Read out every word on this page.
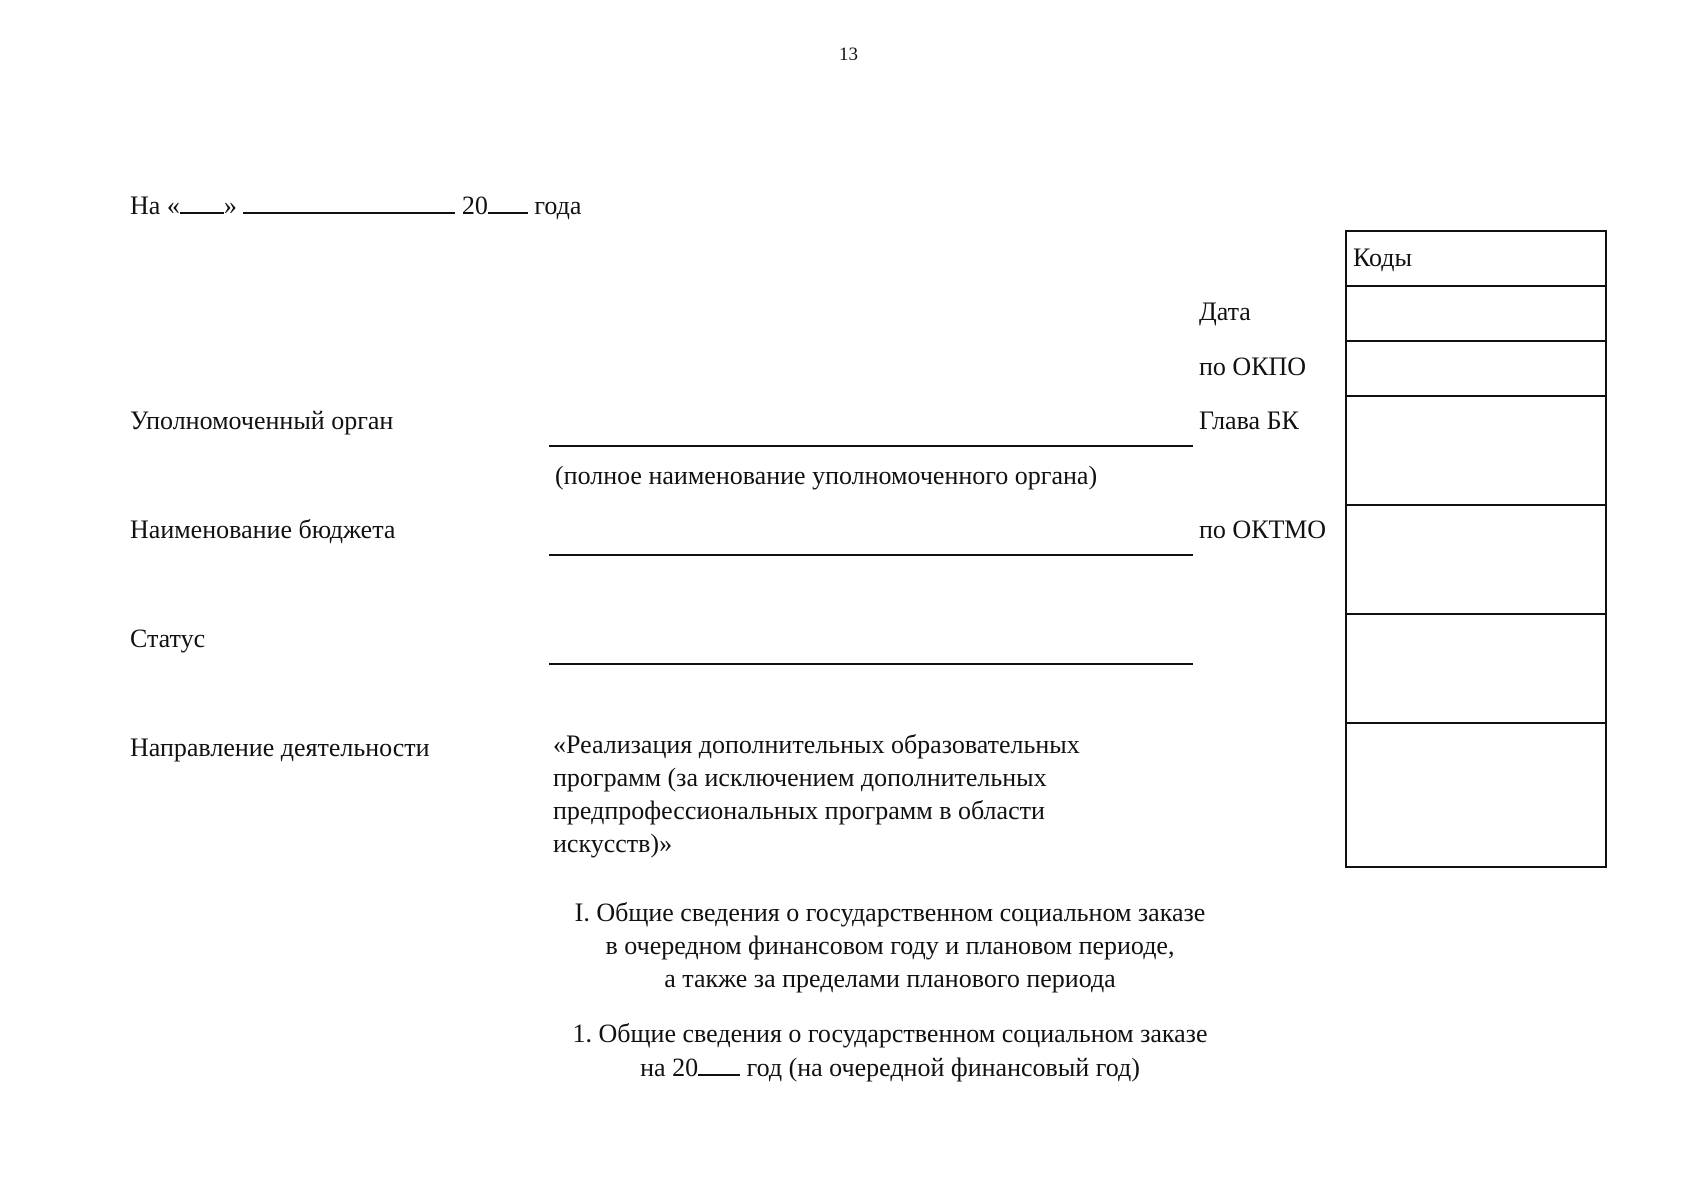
13
На « »	20 года
Коды
Дата
по ОКПО
Глава БК
по ОКТМО
Уполномоченный орган
(полное наименование уполномоченного органа)
Наименование бюджета
Статус
Направление деятельности	«Реализация дополнительных образовательных
программ (за исключением дополнительных
предпрофессиональных программ в области
искусств)»
I. Общие сведения о государственном социальном заказе
в очередном финансовом году и плановом периоде,
а также за пределами планового периода
1. Общие сведения о государственном социальном заказе
на 20 год (на очередной финансовый год)
